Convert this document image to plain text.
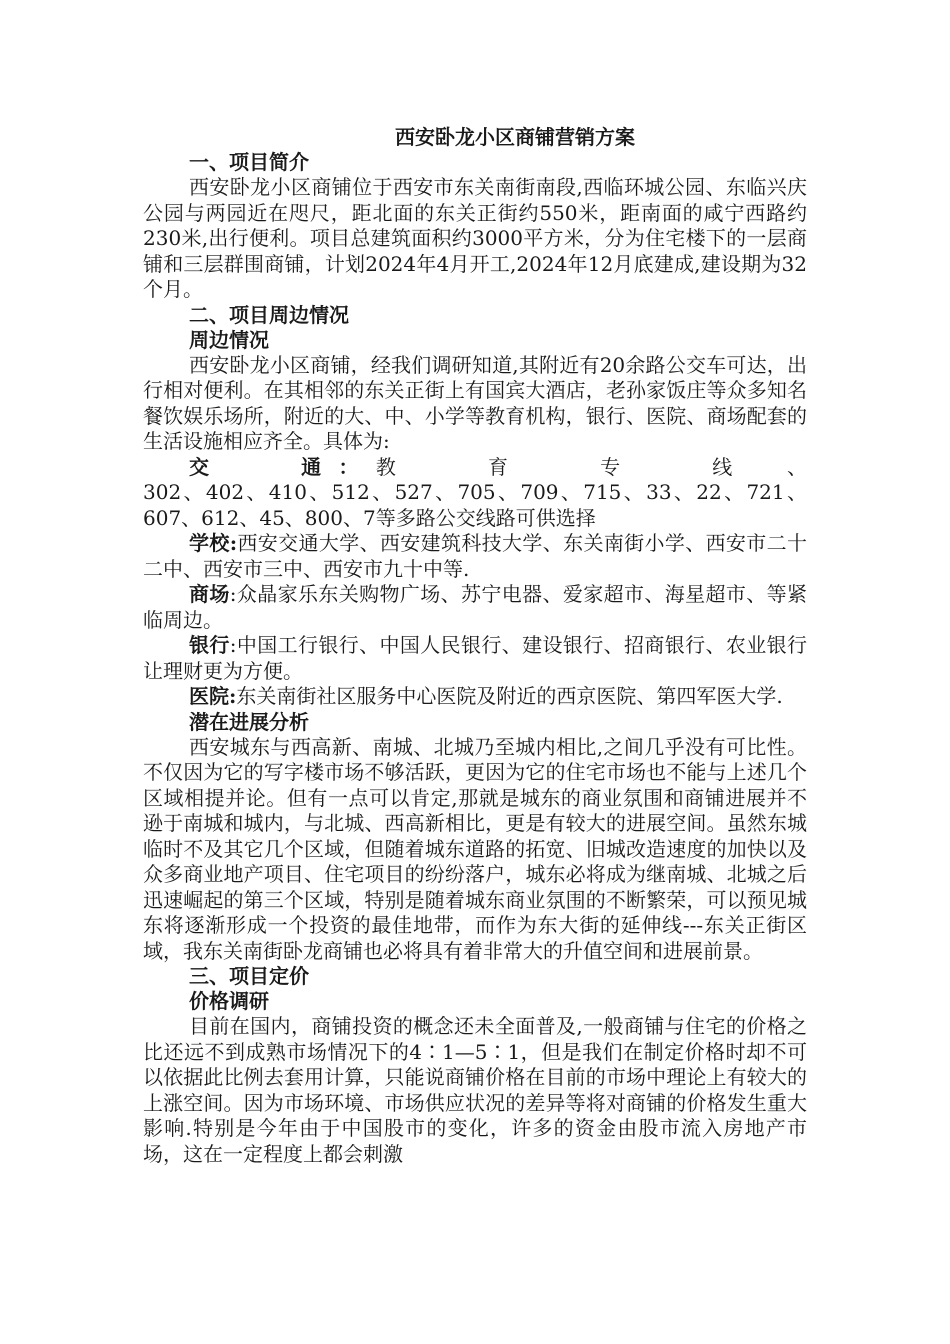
西安卧龙小区商铺营销方案
一、项目简介

西安卧龙小区商铺位于西安市东关南街南段,西临环城公园、东临兴庆公园与两园近在咫尺，距北面的东关正街约550米，距南面的咸宁西路约230米,出行便利。项目总建筑面积约3000平方米，分为住宅楼下的一层商铺和三层群围商铺，计划2024年4月开工,2024年12月底建成,建设期为32个月。

二、项目周边情况
周边情况

西安卧龙小区商铺，经我们调研知道,其附近有20余路公交车可达，出行相对便利。在其相邻的东关正街上有国宾大酒店，老孙家饭庄等众多知名餐饮娱乐场所，附近的大、中、小学等教育机构，银行、医院、商场配套的生活设施相应齐全。具体为:

交　　通：教　　育　　专　　线　、

302、402、410、512、527、705、709、715、33、22、721、607、612、45、800、7等多路公交线路可供选择

学校:西安交通大学、西安建筑科技大学、东关南街小学、西安市二十二中、西安市三中、西安市九十中等.

商场:众晶家乐东关购物广场、苏宁电器、爱家超市、海星超市、等紧临周边。

银行:中国工行银行、中国人民银行、建设银行、招商银行、农业银行让理财更为方便。

医院:东关南街社区服务中心医院及附近的西京医院、第四军医大学.

潜在进展分析

西安城东与西高新、南城、北城乃至城内相比,之间几乎没有可比性。不仅因为它的写字楼市场不够活跃，更因为它的住宅市场也不能与上述几个区域相提并论。但有一点可以肯定,那就是城东的商业氛围和商铺进展并不逊于南城和城内，与北城、西高新相比，更是有较大的进展空间。虽然东城临时不及其它几个区域，但随着城东道路的拓宽、旧城改造速度的加快以及众多商业地产项目、住宅项目的纷纷落户，城东必将成为继南城、北城之后迅速崛起的第三个区域，特别是随着城东商业氛围的不断繁荣，可以预见城东将逐渐形成一个投资的最佳地带，而作为东大街的延伸线---东关正街区域，我东关南街卧龙商铺也必将具有着非常大的升值空间和进展前景。

三、项目定价
价格调研

目前在国内，商铺投资的概念还未全面普及,一般商铺与住宅的价格之比还远不到成熟市场情况下的4∶1—5∶1，但是我们在制定价格时却不可以依据此比例去套用计算，只能说商铺价格在目前的市场中理论上有较大的上涨空间。因为市场环境、市场供应状况的差异等将对商铺的价格发生重大影响.特别是今年由于中国股市的变化，许多的资金由股市流入房地产市场，这在一定程度上都会刺激
